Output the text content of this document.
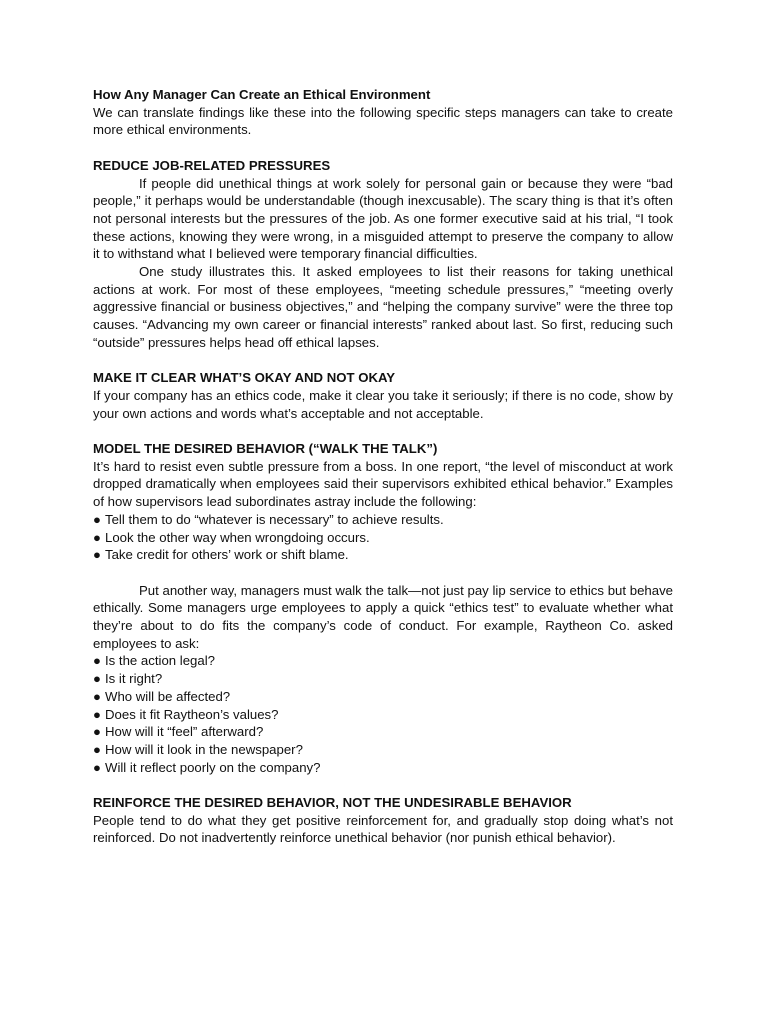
How Any Manager Can Create an Ethical Environment

We can translate findings like these into the following specific steps managers can take to create more ethical environments.

REDUCE JOB-RELATED PRESSURES

If people did unethical things at work solely for personal gain or because they were “bad people,” it perhaps would be understandable (though inexcusable). The scary thing is that it’s often not personal interests but the pressures of the job. As one former executive said at his trial, “I took these actions, knowing they were wrong, in a misguided attempt to preserve the company to allow it to withstand what I believed were temporary financial difficulties.

One study illustrates this. It asked employees to list their reasons for taking unethical actions at work. For most of these employees, “meeting schedule pressures,” “meeting overly aggressive financial or business objectives,” and “helping the company survive” were the three top causes. “Advancing my own career or financial interests” ranked about last. So first, reducing such “outside” pressures helps head off ethical lapses.

MAKE IT CLEAR WHAT’S OKAY AND NOT OKAY

If your company has an ethics code, make it clear you take it seriously; if there is no code, show by your own actions and words what’s acceptable and not acceptable.

MODEL THE DESIRED BEHAVIOR (“WALK THE TALK”)

It’s hard to resist even subtle pressure from a boss. In one report, “the level of misconduct at work dropped dramatically when employees said their supervisors exhibited ethical behavior.” Examples of how supervisors lead subordinates astray include the following:

● Tell them to do “whatever is necessary” to achieve results.
● Look the other way when wrongdoing occurs.
● Take credit for others’ work or shift blame.

Put another way, managers must walk the talk—not just pay lip service to ethics but behave ethically. Some managers urge employees to apply a quick “ethics test” to evaluate whether what they’re about to do fits the company’s code of conduct. For example, Raytheon Co. asked employees to ask:

● Is the action legal?
● Is it right?
● Who will be affected?
● Does it fit Raytheon’s values?
● How will it “feel” afterward?
● How will it look in the newspaper?
● Will it reflect poorly on the company?

REINFORCE THE DESIRED BEHAVIOR, NOT THE UNDESIRABLE BEHAVIOR

People tend to do what they get positive reinforcement for, and gradually stop doing what’s not reinforced. Do not inadvertently reinforce unethical behavior (nor punish ethical behavior).
